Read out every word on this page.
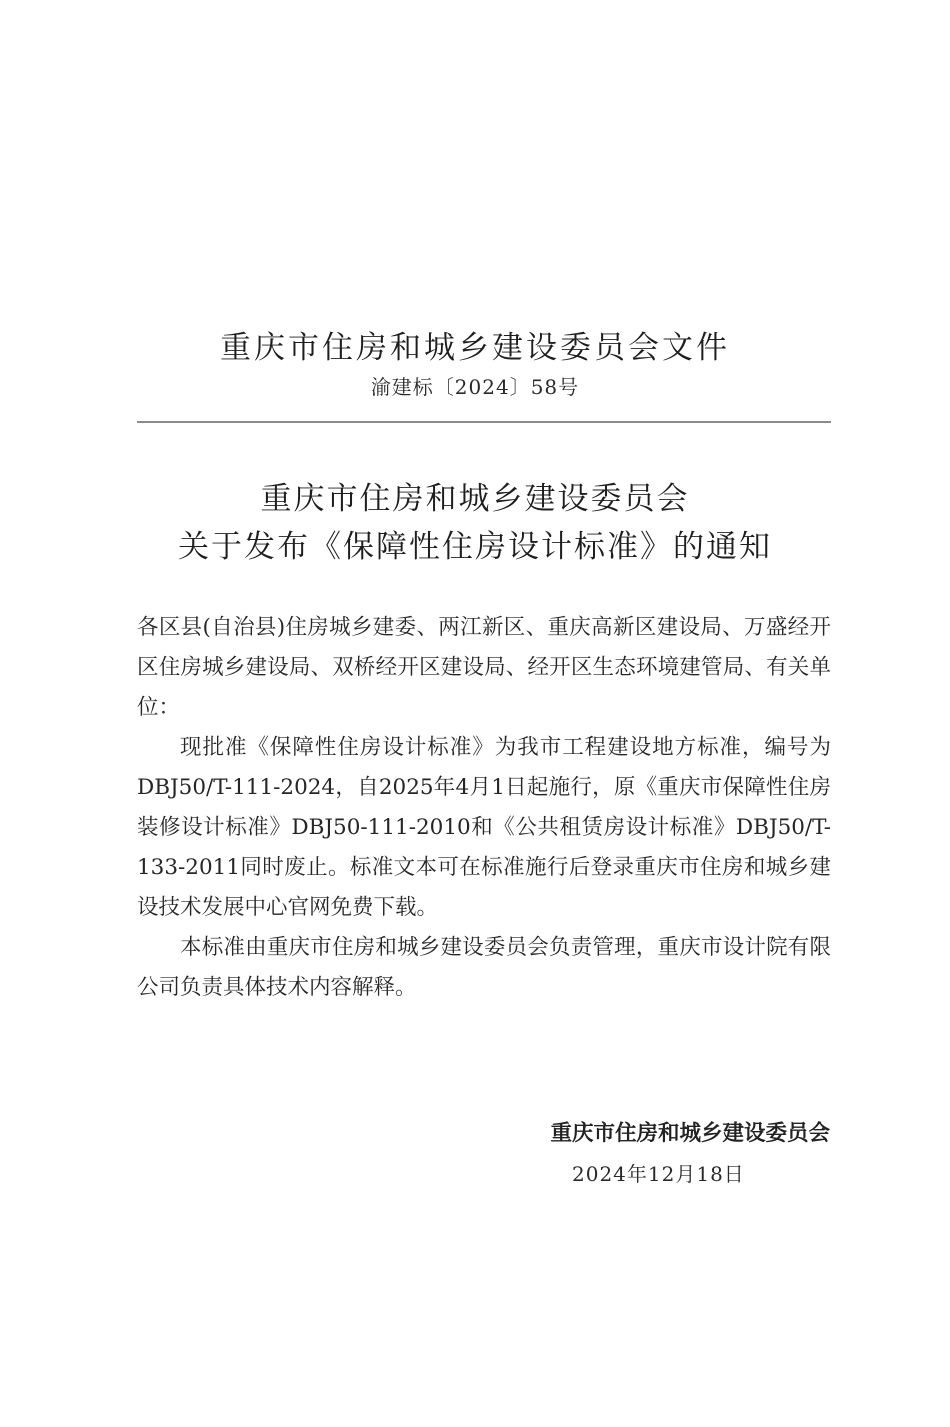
重庆市住房和城乡建设委员会文件
渝建标〔2024〕58号
重庆市住房和城乡建设委员会
关于发布《保障性住房设计标准》的通知

各区县(自治县)住房城乡建委、两江新区、重庆高新区建设局、万盛经开区住房城乡建设局、双桥经开区建设局、经开区生态环境建管局、有关单位：

现批准《保障性住房设计标准》为我市工程建设地方标准，编号为DBJ50/T-111-2024，自2025年4月1日起施行，原《重庆市保障性住房装修设计标准》DBJ50-111-2010和《公共租赁房设计标准》DBJ50/T-133-2011同时废止。标准文本可在标准施行后登录重庆市住房和城乡建设技术发展中心官网免费下载。

本标准由重庆市住房和城乡建设委员会负责管理，重庆市设计院有限公司负责具体技术内容解释。

重庆市住房和城乡建设委员会
2024年12月18日
